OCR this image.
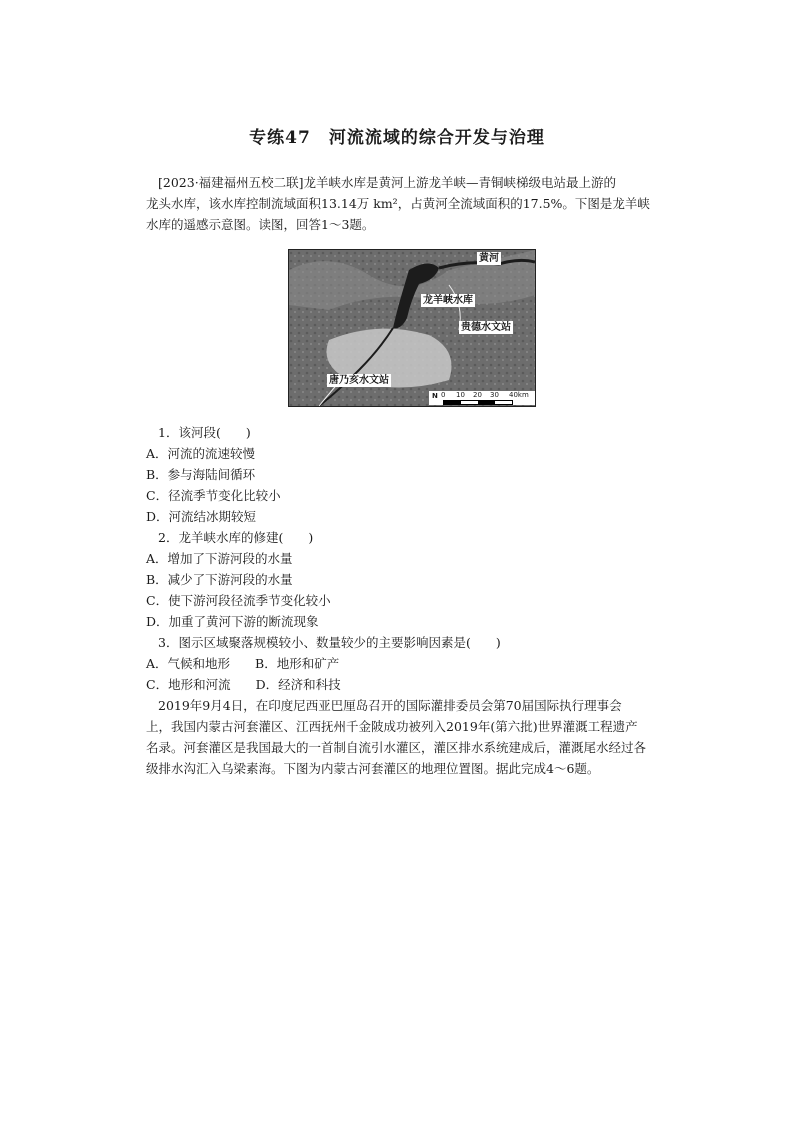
专练47　河流流域的综合开发与治理
[2023·福建福州五校二联]龙羊峡水库是黄河上游龙羊峡—青铜峡梯级电站最上游的
龙头水库，该水库控制流域面积13.14万 km²，占黄河全流域面积的17.5%。下图是龙羊峡
水库的遥感示意图。读图，回答1～3题。
黄河
龙羊峡水库
贵德水文站
唐乃亥水文站
N 0 10 20 30 40km
1．该河段(　　)
A．河流的流速较慢
B．参与海陆间循环
C．径流季节变化比较小
D．河流结冰期较短
2．龙羊峡水库的修建(　　)
A．增加了下游河段的水量
B．减少了下游河段的水量
C．使下游河段径流季节变化较小
D．加重了黄河下游的断流现象
3．图示区域聚落规模较小、数量较少的主要影响因素是(　　)
A．气候和地形　　B．地形和矿产
C．地形和河流　　D．经济和科技
2019年9月4日，在印度尼西亚巴厘岛召开的国际灌排委员会第70届国际执行理事会
上，我国内蒙古河套灌区、江西抚州千金陂成功被列入2019年(第六批)世界灌溉工程遗产
名录。河套灌区是我国最大的一首制自流引水灌区，灌区排水系统建成后，灌溉尾水经过各
级排水沟汇入乌梁素海。下图为内蒙古河套灌区的地理位置图。据此完成4～6题。
